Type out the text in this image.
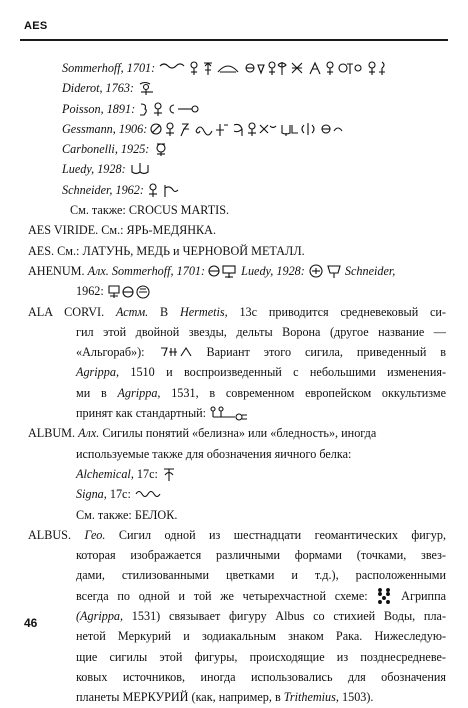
AES
Sommerhoff, 1701:
Diderot, 1763:
Poisson, 1891:
Gessmann, 1906:
Carbonelli, 1925:
Luedy, 1928:
Schneider, 1962:
См. также: CROCUS MARTIS.
AES VIRIDE. См.: ЯРЬ-МЕДЯНКА.
AES. См.: ЛАТУНЬ, МЕДЬ и ЧЕРНОВОЙ МЕТАЛЛ.
AHENUM. Алх. Sommerhoff, 1701:	Luedy, 1928:	Schneider,
1962:
ALA CORVI. Астм. В Hermetis, 13с приводится средневековый си-
гил этой двойной звезды, дельты Ворона (другое название —
«Альгораб»):	Вариант этого сигила, приведенный в
Agrippa, 1510 и воспроизведенный с небольшими изменения-
ми в Agrippa, 1531, в современном европейском оккультизме
принят как стандартный:
ALBUM. Алх. Сигилы понятий «белизна» или «бледность», иногда
используемые также для обозначения яичного белка:
Alchemical, 17с:
Signa, 17с:
См. также: БЕЛОК.
ALBUS. Гео. Сигил одной из шестнадцати геомантических фигур,
которая изображается различными формами (точками, звез-
дами, стилизованными цветками и т.д.), расположенными
всегда по одной и той же четырехчастной схеме:	Агриппа
(Agrippa, 1531) связывает фигуру Albus со стихией Воды, пла-
нетой Меркурий и зодиакальным знаком Рака. Нижеследую-
щие сигилы этой фигуры, происходящие из позднесредневе-
ковых источников, иногда использовались для обозначения
планеты МЕРКУРИЙ (как, например, в Trithemius, 1503).
46
